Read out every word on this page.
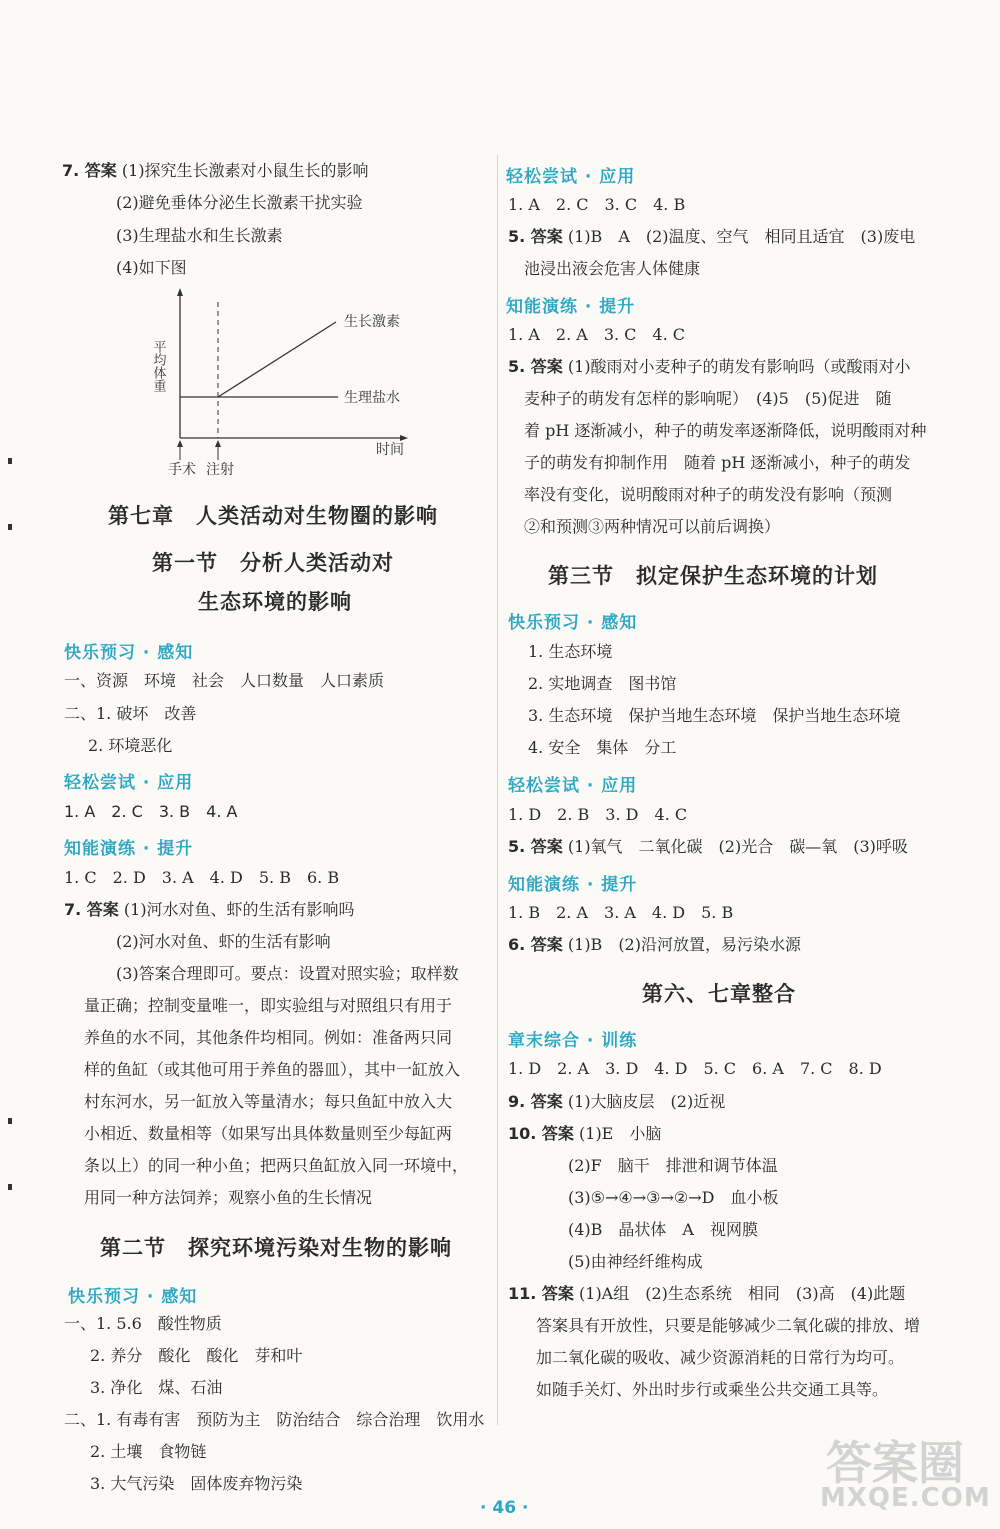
7. 答案 (1)探究生长激素对小鼠生长的影响
(2)避免垂体分泌生长激素干扰实验
(3)生理盐水和生长激素
(4)如下图
平均体重
生长激素
生理盐水
时间
手术 注射
第七章　人类活动对生物圈的影响
第一节　分析人类活动对
生态环境的影响
快乐预习 · 感知
一、资源　环境　社会　人口数量　人口素质
二、1. 破坏　改善
2. 环境恶化
轻松尝试 · 应用
1. A　2. C　3. B　4. A
知能演练 · 提升
1. C　2. D　3. A　4. D　5. B　6. B
7. 答案 (1)河水对鱼、虾的生活有影响吗
(2)河水对鱼、虾的生活有影响
(3)答案合理即可。要点：设置对照实验；取样数
量正确；控制变量唯一，即实验组与对照组只有用于
养鱼的水不同，其他条件均相同。例如：准备两只同
样的鱼缸（或其他可用于养鱼的器皿），其中一缸放入
村东河水，另一缸放入等量清水；每只鱼缸中放入大
小相近、数量相等（如果写出具体数量则至少每缸两
条以上）的同一种小鱼；把两只鱼缸放入同一环境中，
用同一种方法饲养；观察小鱼的生长情况
第二节　探究环境污染对生物的影响
快乐预习 · 感知
一、1. 5.6　酸性物质
2. 养分　酸化　酸化　芽和叶
3. 净化　煤、石油
二、1. 有毒有害　预防为主　防治结合　综合治理　饮用水
2. 土壤　食物链
3. 大气污染　固体废弃物污染
轻松尝试 · 应用
1. A　2. C　3. C　4. B
5. 答案 (1)B　A　(2)温度、空气　相同且适宜　(3)废电
池浸出液会危害人体健康
知能演练 · 提升
1. A　2. A　3. C　4. C
5. 答案 (1)酸雨对小麦种子的萌发有影响吗（或酸雨对小
麦种子的萌发有怎样的影响呢）　(4)5　(5)促进　随
着 pH 逐渐减小，种子的萌发率逐渐降低，说明酸雨对种
子的萌发有抑制作用　随着 pH 逐渐减小，种子的萌发
率没有变化，说明酸雨对种子的萌发没有影响（预测
②和预测③两种情况可以前后调换）
第三节　拟定保护生态环境的计划
快乐预习 · 感知
1. 生态环境
2. 实地调查　图书馆
3. 生态环境　保护当地生态环境　保护当地生态环境
4. 安全　集体　分工
轻松尝试 · 应用
1. D　2. B　3. D　4. C
5. 答案 (1)氧气　二氧化碳　(2)光合　碳—氧　(3)呼吸
知能演练 · 提升
1. B　2. A　3. A　4. D　5. B
6. 答案 (1)B　(2)沿河放置，易污染水源
第六、七章整合
章末综合 · 训练
1. D　2. A　3. D　4. D　5. C　6. A　7. C　8. D
9. 答案 (1)大脑皮层　(2)近视
10. 答案 (1)E　小脑
(2)F　脑干　排泄和调节体温
(3)⑤→④→③→②→D　血小板
(4)B　晶状体　A　视网膜
(5)由神经纤维构成
11. 答案 (1)A组　(2)生态系统　相同　(3)高　(4)此题
答案具有开放性，只要是能够减少二氧化碳的排放、增
加二氧化碳的吸收、减少资源消耗的日常行为均可。
如随手关灯、外出时步行或乘坐公共交通工具等。
· 46 ·
答案圈
MXQE.COM
